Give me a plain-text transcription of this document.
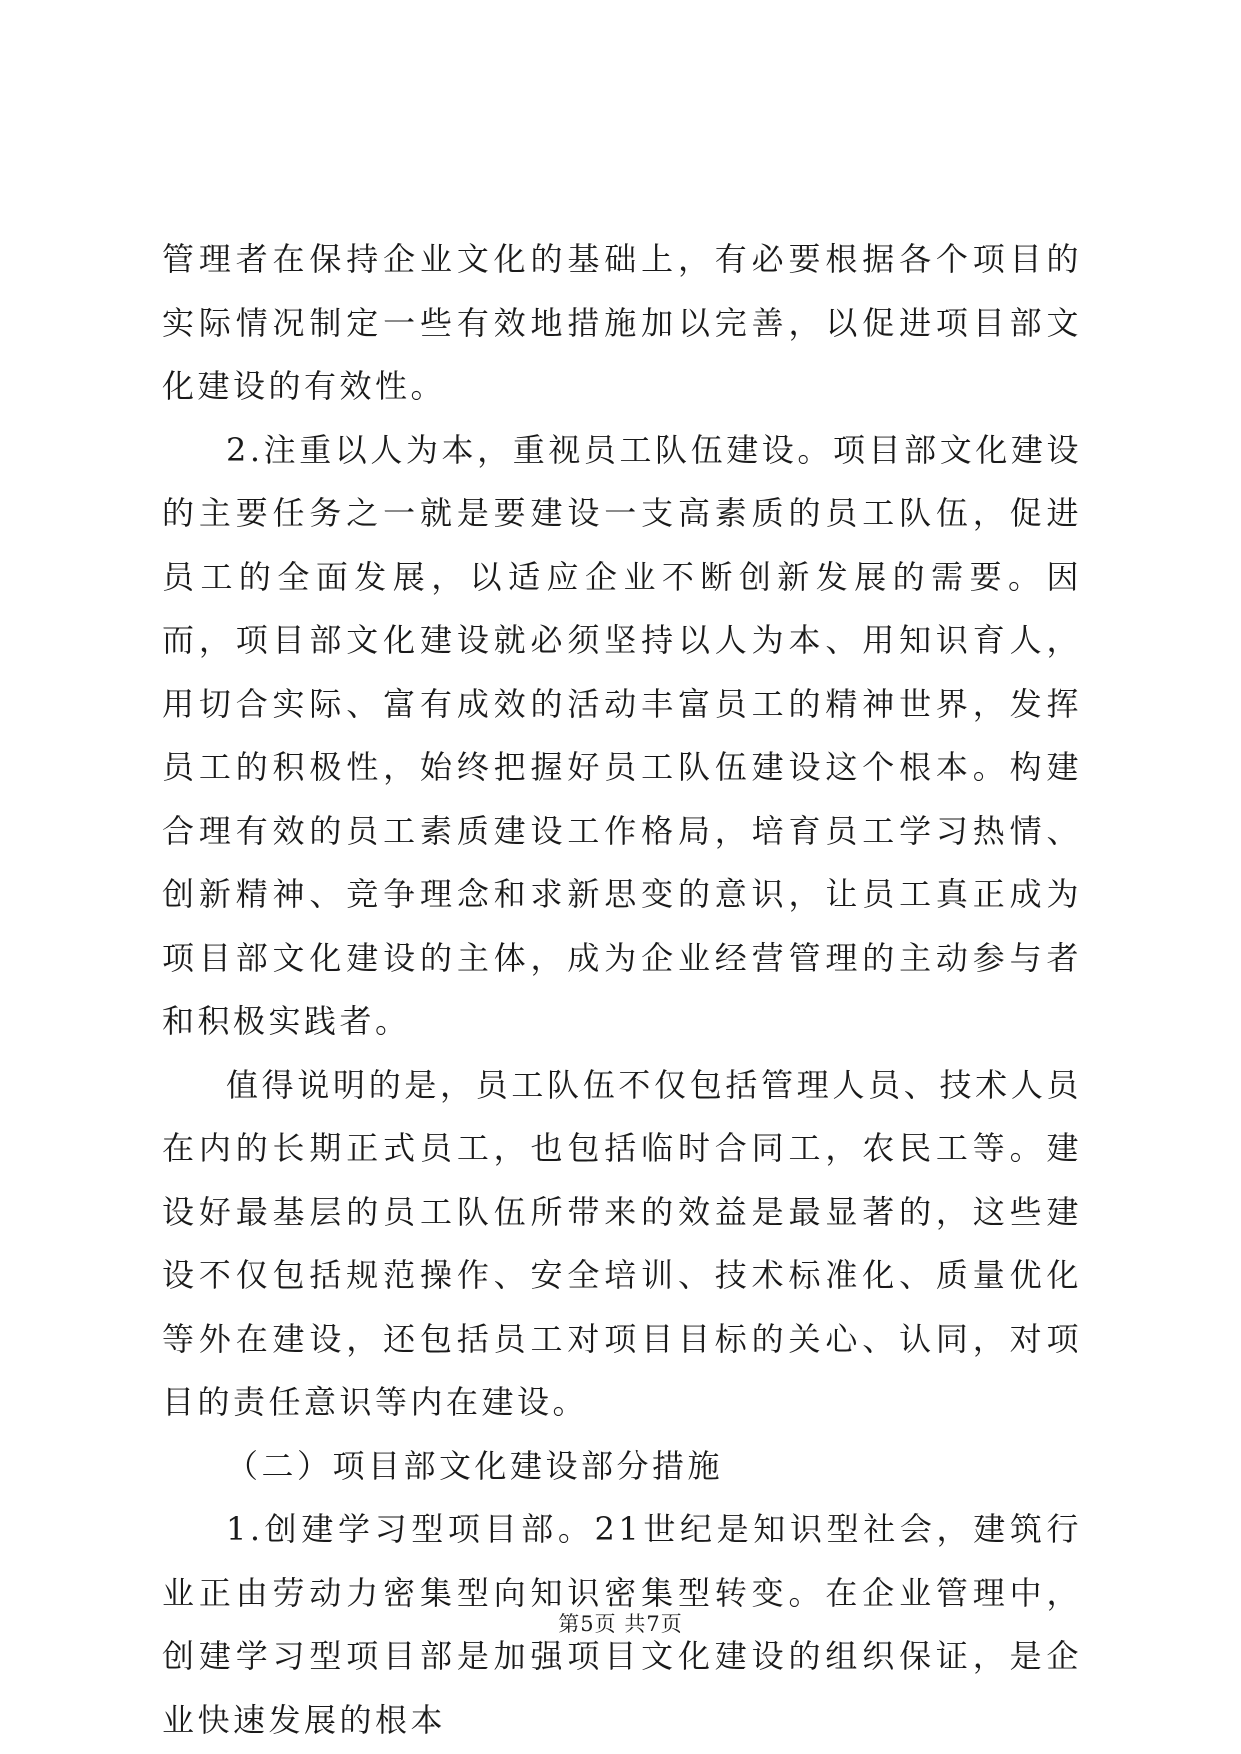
管理者在保持企业文化的基础上，有必要根据各个项目的实际情况制定一些有效地措施加以完善，以促进项目部文化建设的有效性。

2.注重以人为本，重视员工队伍建设。项目部文化建设的主要任务之一就是要建设一支高素质的员工队伍，促进员工的全面发展，以适应企业不断创新发展的需要。因而，项目部文化建设就必须坚持以人为本、用知识育人，用切合实际、富有成效的活动丰富员工的精神世界，发挥员工的积极性，始终把握好员工队伍建设这个根本。构建合理有效的员工素质建设工作格局，培育员工学习热情、创新精神、竞争理念和求新思变的意识，让员工真正成为项目部文化建设的主体，成为企业经营管理的主动参与者和积极实践者。

值得说明的是，员工队伍不仅包括管理人员、技术人员在内的长期正式员工，也包括临时合同工，农民工等。建设好最基层的员工队伍所带来的效益是最显著的，这些建设不仅包括规范操作、安全培训、技术标准化、质量优化等外在建设，还包括员工对项目目标的关心、认同，对项目的责任意识等内在建设。

（二）项目部文化建设部分措施

1.创建学习型项目部。21世纪是知识型社会，建筑行业正由劳动力密集型向知识密集型转变。在企业管理中，创建学习型项目部是加强项目文化建设的组织保证，是企业快速发展的根本

第5页 共7页
